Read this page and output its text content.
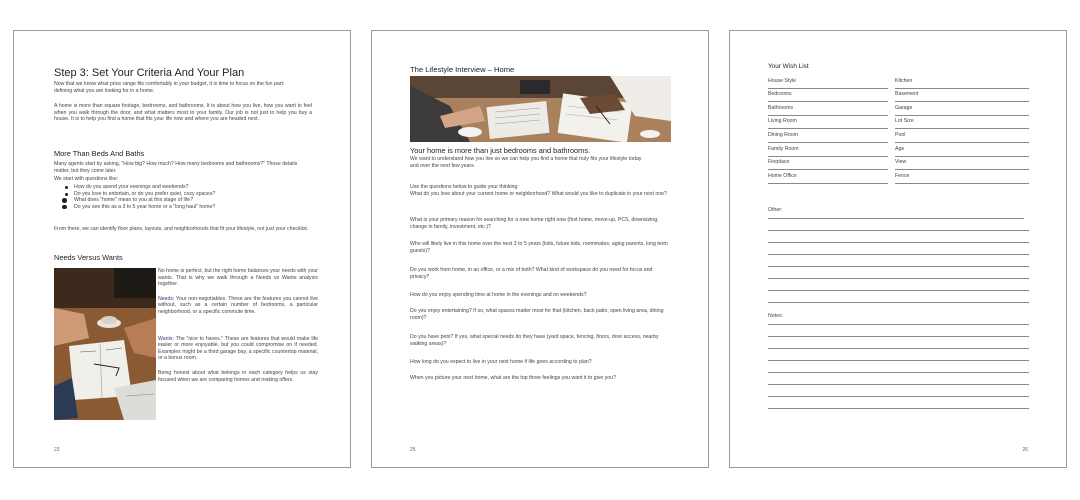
Step 3: Set Your Criteria And Your Plan

Now that we know what price range fits comfortably in your budget, it is time to focus on the fun part: defining what you are looking for in a home.

A home is more than square footage, bedrooms, and bathrooms. It is about how you live, how you want to feel when you walk through the door, and what matters most to your family. Our job is not just to help you buy a house. It is to help you find a home that fits your life now and where you are headed next.

More Than Beds And Baths

Many agents start by asking, "How big? How much? How many bedrooms and bathrooms?" Those details matter, but they come later.

We start with questions like:

How do you spend your evenings and weekends?
Do you love to entertain, or do you prefer quiet, cozy spaces?
What does "home" mean to you at this stage of life?
Do you see this as a 3 to 5 year home or a "long haul" home?

From there, we can identify floor plans, layouts, and neighborhoods that fit your lifestyle, not just your checklist.

Needs Versus Wants

No home is perfect, but the right home balances your needs with your wants. That is why we walk through a Needs vs Wants analysis together.

Needs: Your non-negotiables. These are the features you cannot live without, such as a certain number of bedrooms, a particular neighborhood, or a specific commute time.

Wants: The "nice to haves." These are features that would make life easier or more enjoyable, but you could compromise on if needed. Examples might be a third garage bay, a specific countertop material, or a bonus room.

Being honest about what belongs in each category helps us stay focused when we are comparing homes and making offers.

23
The Lifestyle Interview – Home
Your home is more than just bedrooms and bathrooms.

We want to understand how you live so we can help you find a home that truly fits your lifestyle today and over the next few years.

Use the questions below to guide your thinking:

What do you love about your current home or neighborhood? What would you like to duplicate in your next one?

What is your primary reason for searching for a new home right now (first home, move-up, PCS, downsizing, change in family, investment, etc.)?

Who will likely live in this home over the next 3 to 5 years (kids, future kids, roommates, aging parents, long term guests)?

Do you work from home, in an office, or a mix of both? What kind of workspace do you need for focus and privacy?

How do you enjoy spending time at home in the evenings and on weekends?

Do you enjoy entertaining? If so, what spaces matter most for that (kitchen, back patio, open living area, dining room)?

Do you have pets? If yes, what special needs do they have (yard space, fencing, floors, door access, nearby walking areas)?

How long do you expect to live in your next home if life goes according to plan?

When you picture your next home, what are the top three feelings you want it to give you?

25
Your Wish List
House Style
Bedrooms
Bathrooms
Living Room
Dining Room
Family Room
Fireplace
Home Office
Kitchen
Basement
Garage
Lot Size
Pool
Age
View
Fence
Other:
Notes:
26
